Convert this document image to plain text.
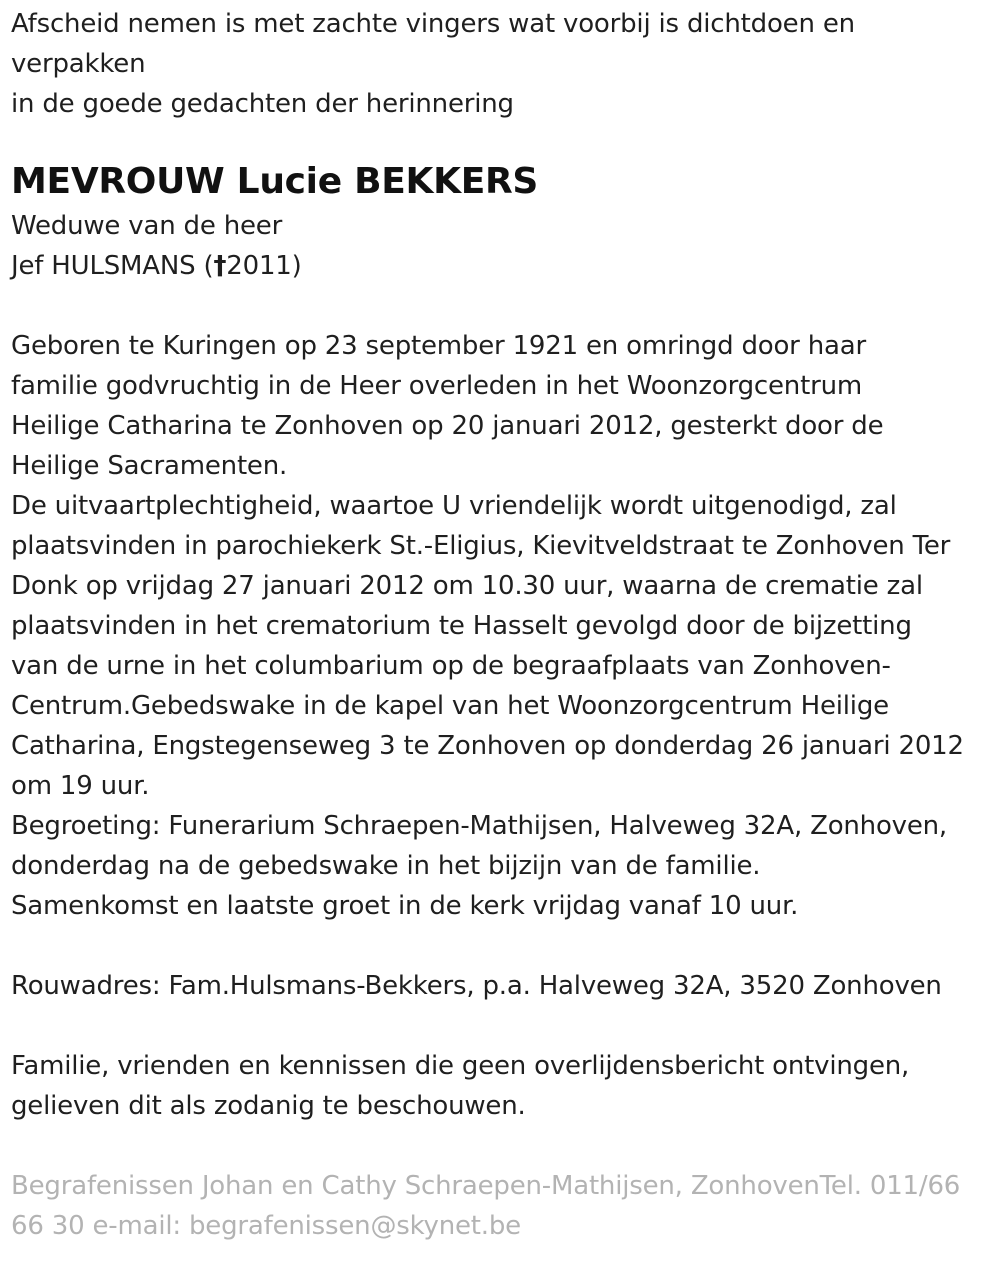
Afscheid nemen is met zachte vingers wat voorbij is dichtdoen en
verpakken
in de goede gedachten der herinnering
MEVROUW Lucie BEKKERS
Weduwe van de heer
Jef HULSMANS (†2011)
Geboren te Kuringen op 23 september 1921 en omringd door haar
familie godvruchtig in de Heer overleden in het Woonzorgcentrum
Heilige Catharina te Zonhoven op 20 januari 2012, gesterkt door de
Heilige Sacramenten.
De uitvaartplechtigheid, waartoe U vriendelijk wordt uitgenodigd, zal
plaatsvinden in parochiekerk St.-Eligius, Kievitveldstraat te Zonhoven Ter
Donk op vrijdag 27 januari 2012 om 10.30 uur, waarna de crematie zal
plaatsvinden in het crematorium te Hasselt gevolgd door de bijzetting
van de urne in het columbarium op de begraafplaats van Zonhoven-
Centrum.Gebedswake in de kapel van het Woonzorgcentrum Heilige
Catharina, Engstegenseweg 3 te Zonhoven op donderdag 26 januari 2012
om 19 uur.
Begroeting: Funerarium Schraepen-Mathijsen, Halveweg 32A, Zonhoven,
donderdag na de gebedswake in het bijzijn van de familie.
Samenkomst en laatste groet in de kerk vrijdag vanaf 10 uur.
Rouwadres: Fam.Hulsmans-Bekkers, p.a. Halveweg 32A, 3520 Zonhoven
Familie, vrienden en kennissen die geen overlijdensbericht ontvingen,
gelieven dit als zodanig te beschouwen.
Begrafenissen Johan en Cathy Schraepen-Mathijsen, ZonhovenTel. 011/66
66 30 e-mail: begrafenissen@skynet.be
